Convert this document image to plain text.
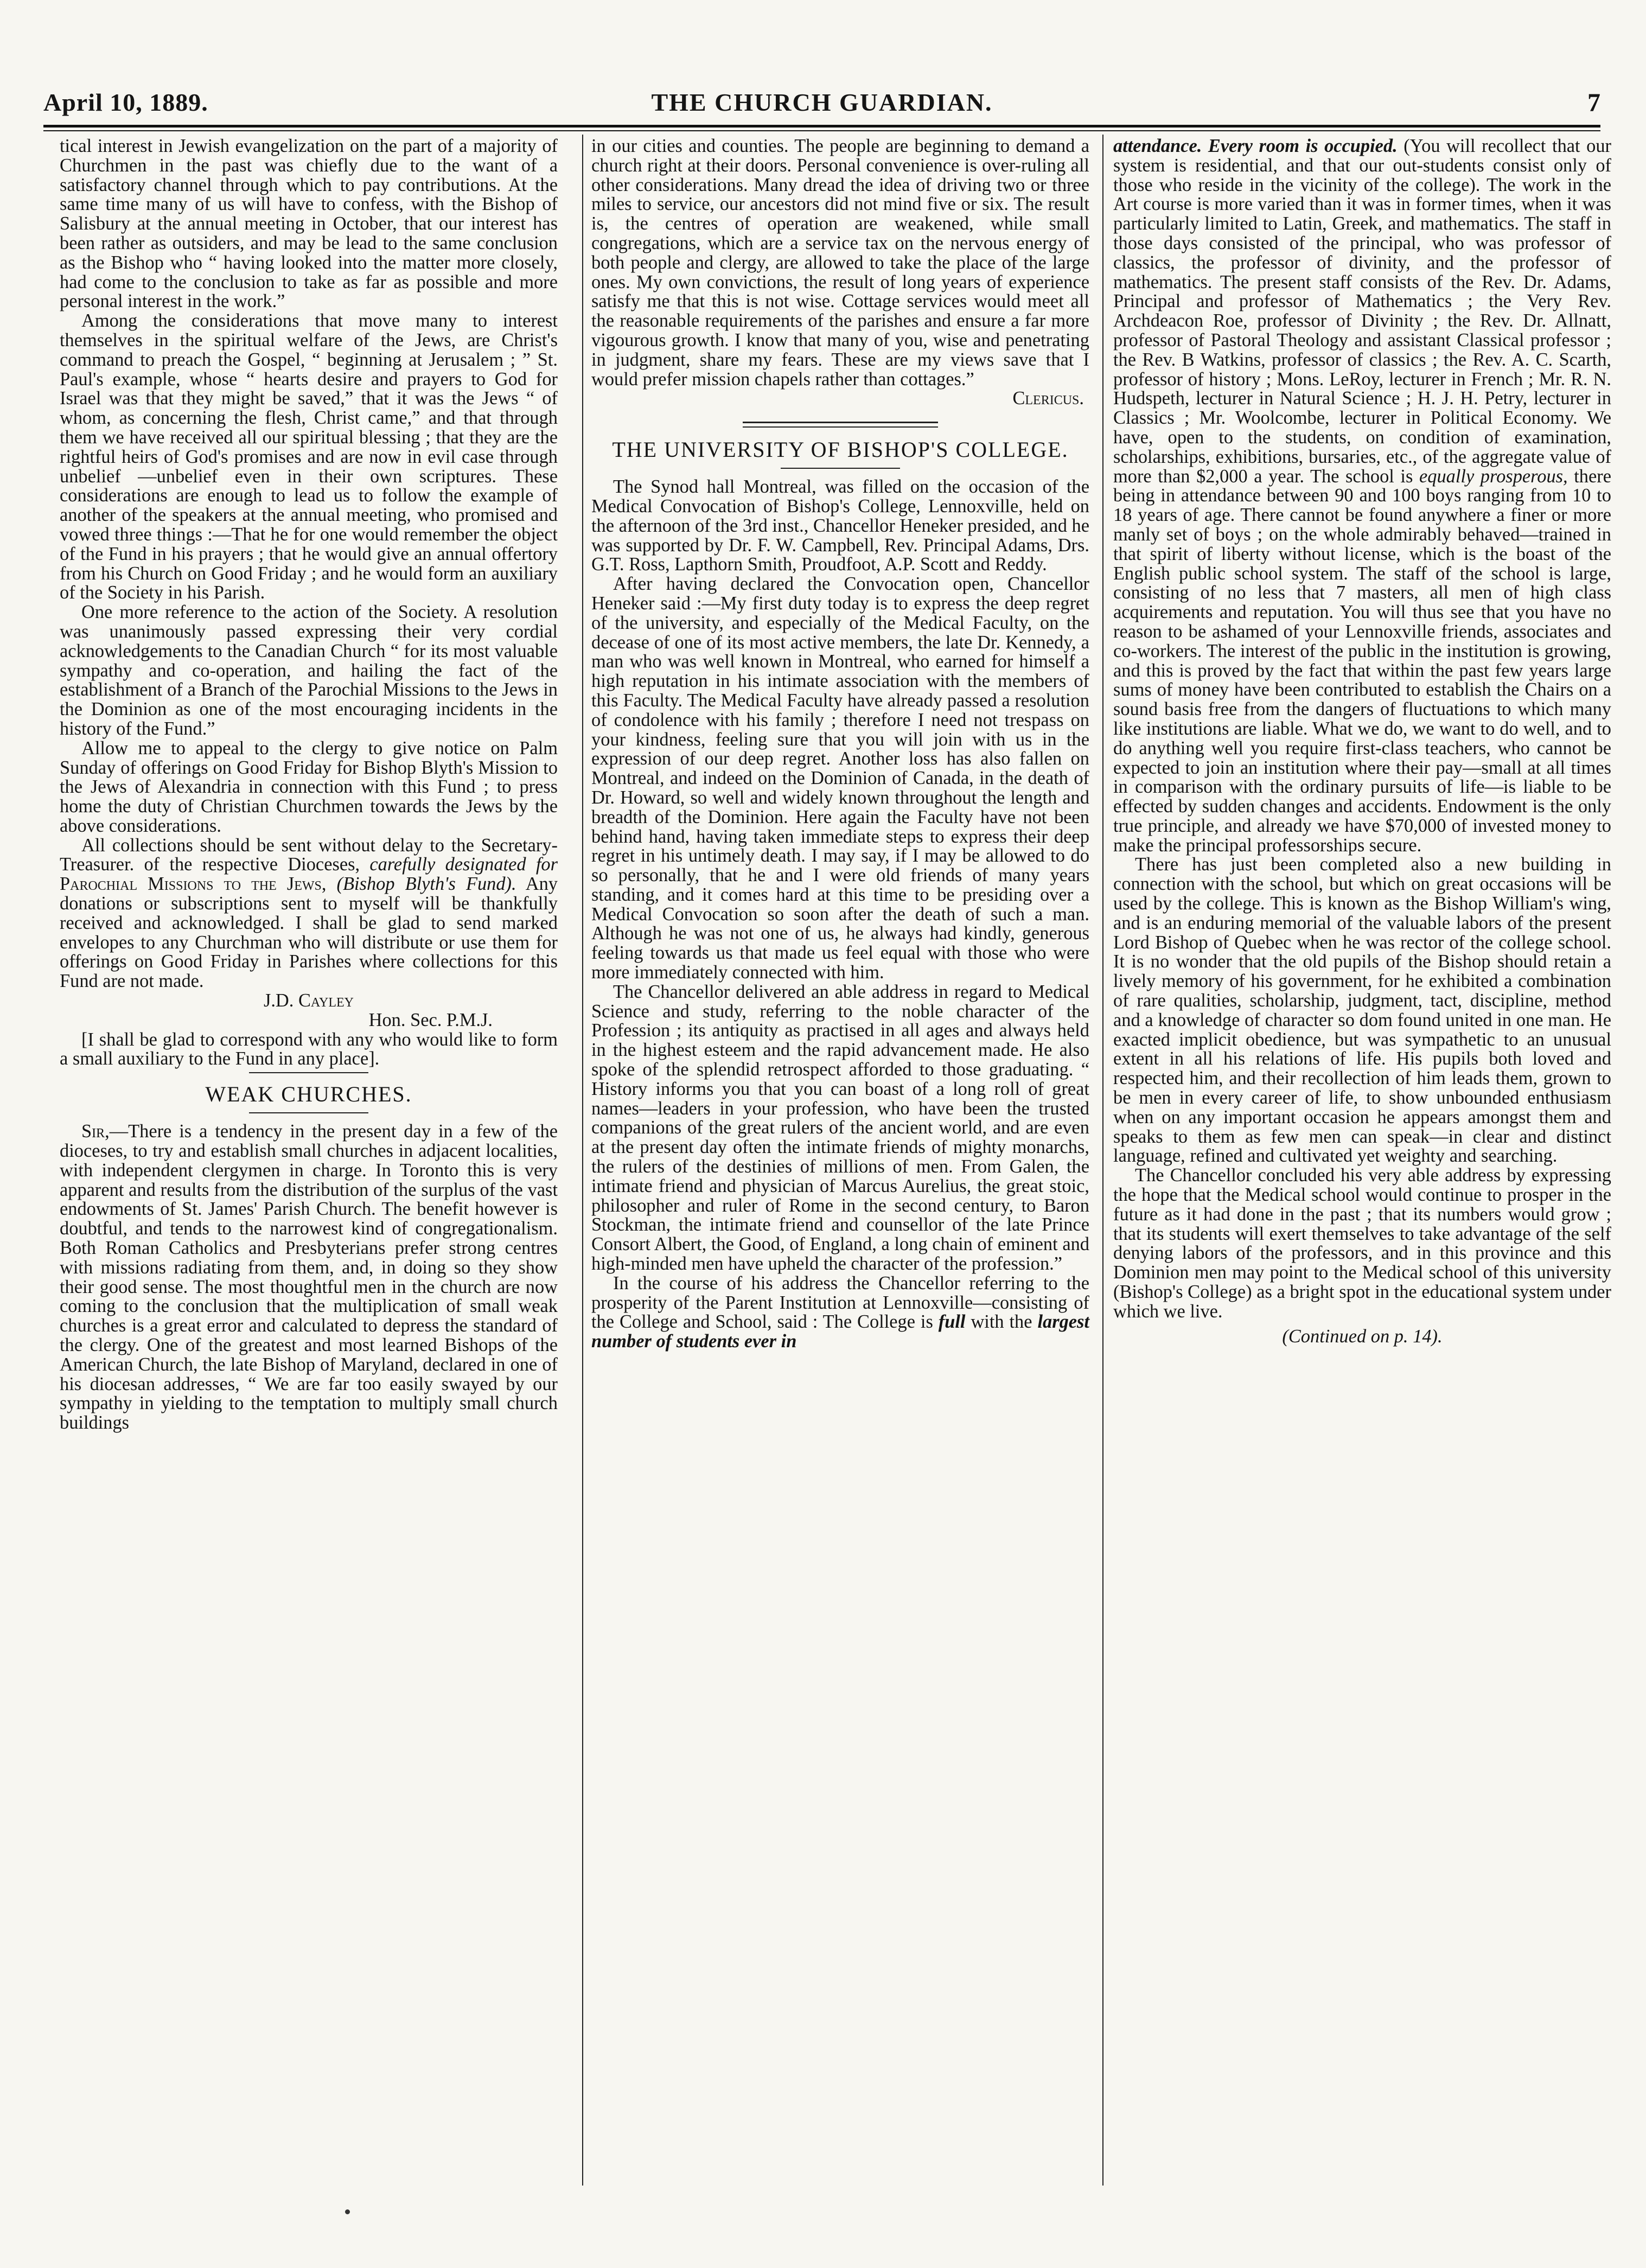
April 10, 1889.	THE CHURCH GUARDIAN.	7

tical interest in Jewish evangelization on the part of a majority of Churchmen in the past was chiefly due to the want of a satisfactory channel through which to pay contributions. At the same time many of us will have to confess, with the Bishop of Salisbury at the annual meeting in October, that our interest has been rather as outsiders, and may be lead to the same conclusion as the Bishop who “ having looked into the matter more closely, had come to the conclusion to take as far as possible and more personal interest in the work.”

Among the considerations that move many to interest themselves in the spiritual welfare of the Jews, are Christ's command to preach the Gospel, “ beginning at Jerusalem ; ” St. Paul's example, whose “ hearts desire and prayers to God for Israel was that they might be saved,” that it was the Jews “ of whom, as concerning the flesh, Christ came,” and that through them we have received all our spiritual blessing ; that they are the rightful heirs of God's promises and are now in evil case through unbelief —unbelief even in their own scriptures. These considerations are enough to lead us to follow the example of another of the speakers at the annual meeting, who promised and vowed three things :—That he for one would remember the object of the Fund in his prayers ; that he would give an annual offertory from his Church on Good Friday ; and he would form an auxiliary of the Society in his Parish.

One more reference to the action of the Society. A resolution was unanimously passed expressing their very cordial acknowledgements to the Canadian Church “ for its most valuable sympathy and co-operation, and hailing the fact of the establishment of a Branch of the Parochial Missions to the Jews in the Dominion as one of the most encouraging incidents in the history of the Fund.”

Allow me to appeal to the clergy to give notice on Palm Sunday of offerings on Good Friday for Bishop Blyth's Mission to the Jews of Alexandria in connection with this Fund ; to press home the duty of Christian Churchmen towards the Jews by the above considerations.

All collections should be sent without delay to the Secretary-Treasurer. of the respective Dioceses, carefully designated for Parochial Missions to the Jews, (Bishop Blyth's Fund). Any donations or subscriptions sent to myself will be thankfully received and acknowledged. I shall be glad to send marked envelopes to any Churchman who will distribute or use them for offerings on Good Friday in Parishes where collections for this Fund are not made.

J.D. Cayley

Hon. Sec. P.M.J.

[I shall be glad to correspond with any who would like to form a small auxiliary to the Fund in any place].

WEAK CHURCHES.

Sir,—There is a tendency in the present day in a few of the dioceses, to try and establish small churches in adjacent localities, with independent clergymen in charge. In Toronto this is very apparent and results from the distribution of the surplus of the vast endowments of St. James' Parish Church. The benefit however is doubtful, and tends to the narrowest kind of congregationalism. Both Roman Catholics and Presbyterians prefer strong centres with missions radiating from them, and, in doing so they show their good sense. The most thoughtful men in the church are now coming to the conclusion that the multiplication of small weak churches is a great error and calculated to depress the standard of the clergy. One of the greatest and most learned Bishops of the American Church, the late Bishop of Maryland, declared in one of his diocesan addresses, “ We are far too easily swayed by our sympathy in yielding to the temptation to multiply small church buildings

in our cities and counties. The people are beginning to demand a church right at their doors. Personal convenience is over-ruling all other considerations. Many dread the idea of driving two or three miles to service, our ancestors did not mind five or six. The result is, the centres of operation are weakened, while small congregations, which are a service tax on the nervous energy of both people and clergy, are allowed to take the place of the large ones. My own convictions, the result of long years of experience satisfy me that this is not wise. Cottage services would meet all the reasonable requirements of the parishes and ensure a far more vigourous growth. I know that many of you, wise and penetrating in judgment, share my fears. These are my views save that I would prefer mission chapels rather than cottages.”

Clericus.

THE UNIVERSITY OF BISHOP'S COLLEGE.

The Synod hall Montreal, was filled on the occasion of the Medical Convocation of Bishop's College, Lennoxville, held on the afternoon of the 3rd inst., Chancellor Heneker presided, and he was supported by Dr. F. W. Campbell, Rev. Principal Adams, Drs. G.T. Ross, Lapthorn Smith, Proudfoot, A.P. Scott and Reddy.

After having declared the Convocation open, Chancellor Heneker said :—My first duty today is to express the deep regret of the university, and especially of the Medical Faculty, on the decease of one of its most active members, the late Dr. Kennedy, a man who was well known in Montreal, who earned for himself a high reputation in his intimate association with the members of this Faculty. The Medical Faculty have already passed a resolution of condolence with his family ; therefore I need not trespass on your kindness, feeling sure that you will join with us in the expression of our deep regret. Another loss has also fallen on Montreal, and indeed on the Dominion of Canada, in the death of Dr. Howard, so well and widely known throughout the length and breadth of the Dominion. Here again the Faculty have not been behind hand, having taken immediate steps to express their deep regret in his untimely death. I may say, if I may be allowed to do so personally, that he and I were old friends of many years standing, and it comes hard at this time to be presiding over a Medical Convocation so soon after the death of such a man. Although he was not one of us, he always had kindly, generous feeling towards us that made us feel equal with those who were more immediately connected with him.

The Chancellor delivered an able address in regard to Medical Science and study, referring to the noble character of the Profession ; its antiquity as practised in all ages and always held in the highest esteem and the rapid advancement made. He also spoke of the splendid retrospect afforded to those graduating. “ History informs you that you can boast of a long roll of great names—leaders in your profession, who have been the trusted companions of the great rulers of the ancient world, and are even at the present day often the intimate friends of mighty monarchs, the rulers of the destinies of millions of men. From Galen, the intimate friend and physician of Marcus Aurelius, the great stoic, philosopher and ruler of Rome in the second century, to Baron Stockman, the intimate friend and counsellor of the late Prince Consort Albert, the Good, of England, a long chain of eminent and high-minded men have upheld the character of the profession.”

In the course of his address the Chancellor referring to the prosperity of the Parent Institution at Lennoxville—consisting of the College and School, said : The College is full with the largest number of students ever in

attendance. Every room is occupied. (You will recollect that our system is residential, and that our out-students consist only of those who reside in the vicinity of the college). The work in the Art course is more varied than it was in former times, when it was particularly limited to Latin, Greek, and mathematics. The staff in those days consisted of the principal, who was professor of classics, the professor of divinity, and the professor of mathematics. The present staff consists of the Rev. Dr. Adams, Principal and professor of Mathematics ; the Very Rev. Archdeacon Roe, professor of Divinity ; the Rev. Dr. Allnatt, professor of Pastoral Theology and assistant Classical professor ; the Rev. B Watkins, professor of classics ; the Rev. A. C. Scarth, professor of history ; Mons. LeRoy, lecturer in French ; Mr. R. N. Hudspeth, lecturer in Natural Science ; H. J. H. Petry, lecturer in Classics ; Mr. Woolcombe, lecturer in Political Economy. We have, open to the students, on condition of examination, scholarships, exhibitions, bursaries, etc., of the aggregate value of more than $2,000 a year. The school is equally prosperous, there being in attendance between 90 and 100 boys ranging from 10 to 18 years of age. There cannot be found anywhere a finer or more manly set of boys ; on the whole admirably behaved—trained in that spirit of liberty without license, which is the boast of the English public school system. The staff of the school is large, consisting of no less that 7 masters, all men of high class acquirements and reputation. You will thus see that you have no reason to be ashamed of your Lennoxville friends, associates and co-workers. The interest of the public in the institution is growing, and this is proved by the fact that within the past few years large sums of money have been contributed to establish the Chairs on a sound basis free from the dangers of fluctuations to which many like institutions are liable. What we do, we want to do well, and to do anything well you require first-class teachers, who cannot be expected to join an institution where their pay—small at all times in comparison with the ordinary pursuits of life—is liable to be effected by sudden changes and accidents. Endowment is the only true principle, and already we have $70,000 of invested money to make the principal professorships secure.

There has just been completed also a new building in connection with the school, but which on great occasions will be used by the college. This is known as the Bishop William's wing, and is an enduring memorial of the valuable labors of the present Lord Bishop of Quebec when he was rector of the college school. It is no wonder that the old pupils of the Bishop should retain a lively memory of his government, for he exhibited a combination of rare qualities, scholarship, judgment, tact, discipline, method and a knowledge of character so dom found united in one man. He exacted implicit obedience, but was sympathetic to an unusual extent in all his relations of life. His pupils both loved and respected him, and their recollection of him leads them, grown to be men in every career of life, to show unbounded enthusiasm when on any important occasion he appears amongst them and speaks to them as few men can speak—in clear and distinct language, refined and cultivated yet weighty and searching.

The Chancellor concluded his very able address by expressing the hope that the Medical school would continue to prosper in the future as it had done in the past ; that its numbers would grow ; that its students will exert themselves to take advantage of the self denying labors of the professors, and in this province and this Dominion men may point to the Medical school of this university (Bishop's College) as a bright spot in the educational system under which we live.

(Continued on p. 14).
